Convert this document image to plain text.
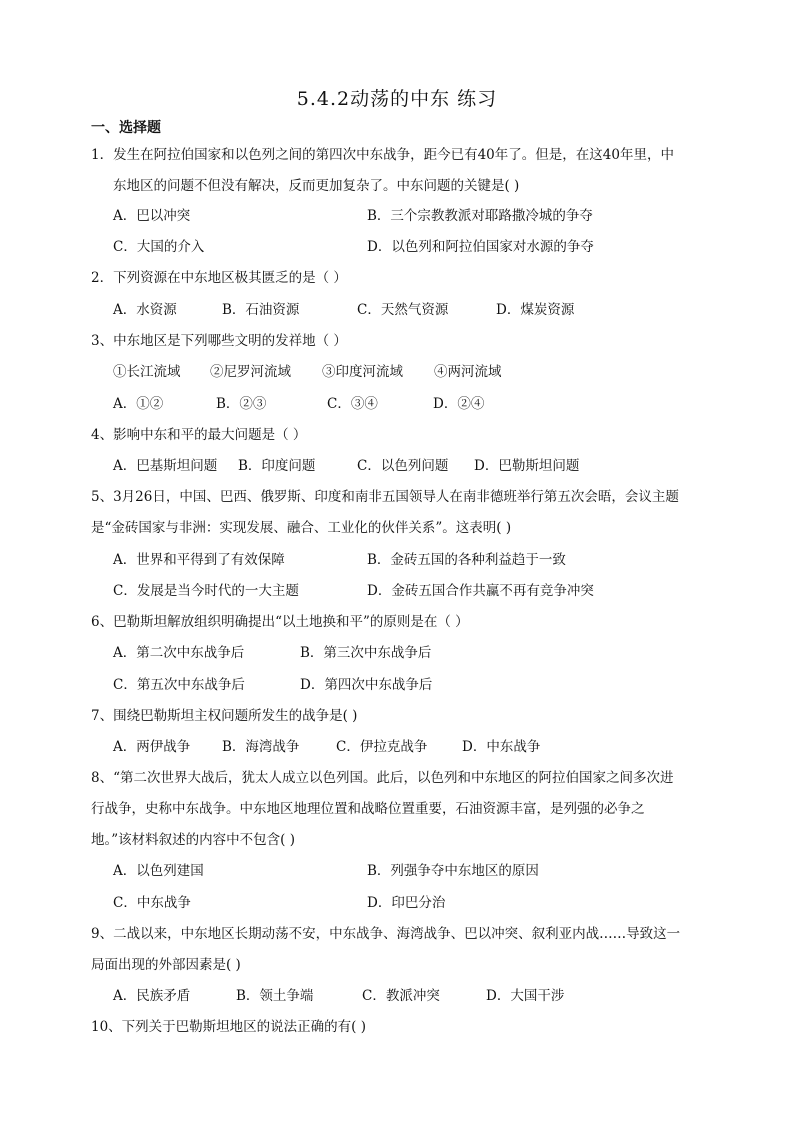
5.4.2动荡的中东 练习
一、选择题
1．发生在阿拉伯国家和以色列之间的第四次中东战争，距今已有40年了。但是，在这40年里，中
东地区的问题不但没有解决，反而更加复杂了。中东问题的关键是( )
A．巴以冲突	B．三个宗教教派对耶路撒冷城的争夺
C．大国的介入	D．以色列和阿拉伯国家对水源的争夺
2．下列资源在中东地区极其匮乏的是（ ）
A．水资源	B．石油资源	C．天然气资源	D．煤炭资源
3、中东地区是下列哪些文明的发祥地（ ）
①长江流域 ②尼罗河流域 ③印度河流域 ④两河流域
A．①②	B．②③	C．③④	D．②④
4、影响中东和平的最大问题是（ ）
A．巴基斯坦问题 B．印度问题	C．以色列问题 D．巴勒斯坦问题
5、3月26日，中国、巴西、俄罗斯、印度和南非五国领导人在南非德班举行第五次会晤，会议主题
是“金砖国家与非洲：实现发展、融合、工业化的伙伴关系”。这表明( )
A．世界和平得到了有效保障	B．金砖五国的各种利益趋于一致
C．发展是当今时代的一大主题	D．金砖五国合作共赢不再有竞争冲突
6、巴勒斯坦解放组织明确提出“以土地换和平”的原则是在（ ）
A．第二次中东战争后	B．第三次中东战争后
C．第五次中东战争后	D．第四次中东战争后
7、围绕巴勒斯坦主权问题所发生的战争是( )
A．两伊战争 B．海湾战争	C．伊拉克战争	D．中东战争
8、“第二次世界大战后，犹太人成立以色列国。此后，以色列和中东地区的阿拉伯国家之间多次进
行战争，史称中东战争。中东地区地理位置和战略位置重要，石油资源丰富，是列强的必争之
地。”该材料叙述的内容中不包含( )
A．以色列建国	B．列强争夺中东地区的原因
C．中东战争	D．印巴分治
9、二战以来，中东地区长期动荡不安，中东战争、海湾战争、巴以冲突、叙利亚内战……导致这一
局面出现的外部因素是( )
A．民族矛盾	B．领土争端	C．教派冲突	D．大国干涉
10、下列关于巴勒斯坦地区的说法正确的有( )
